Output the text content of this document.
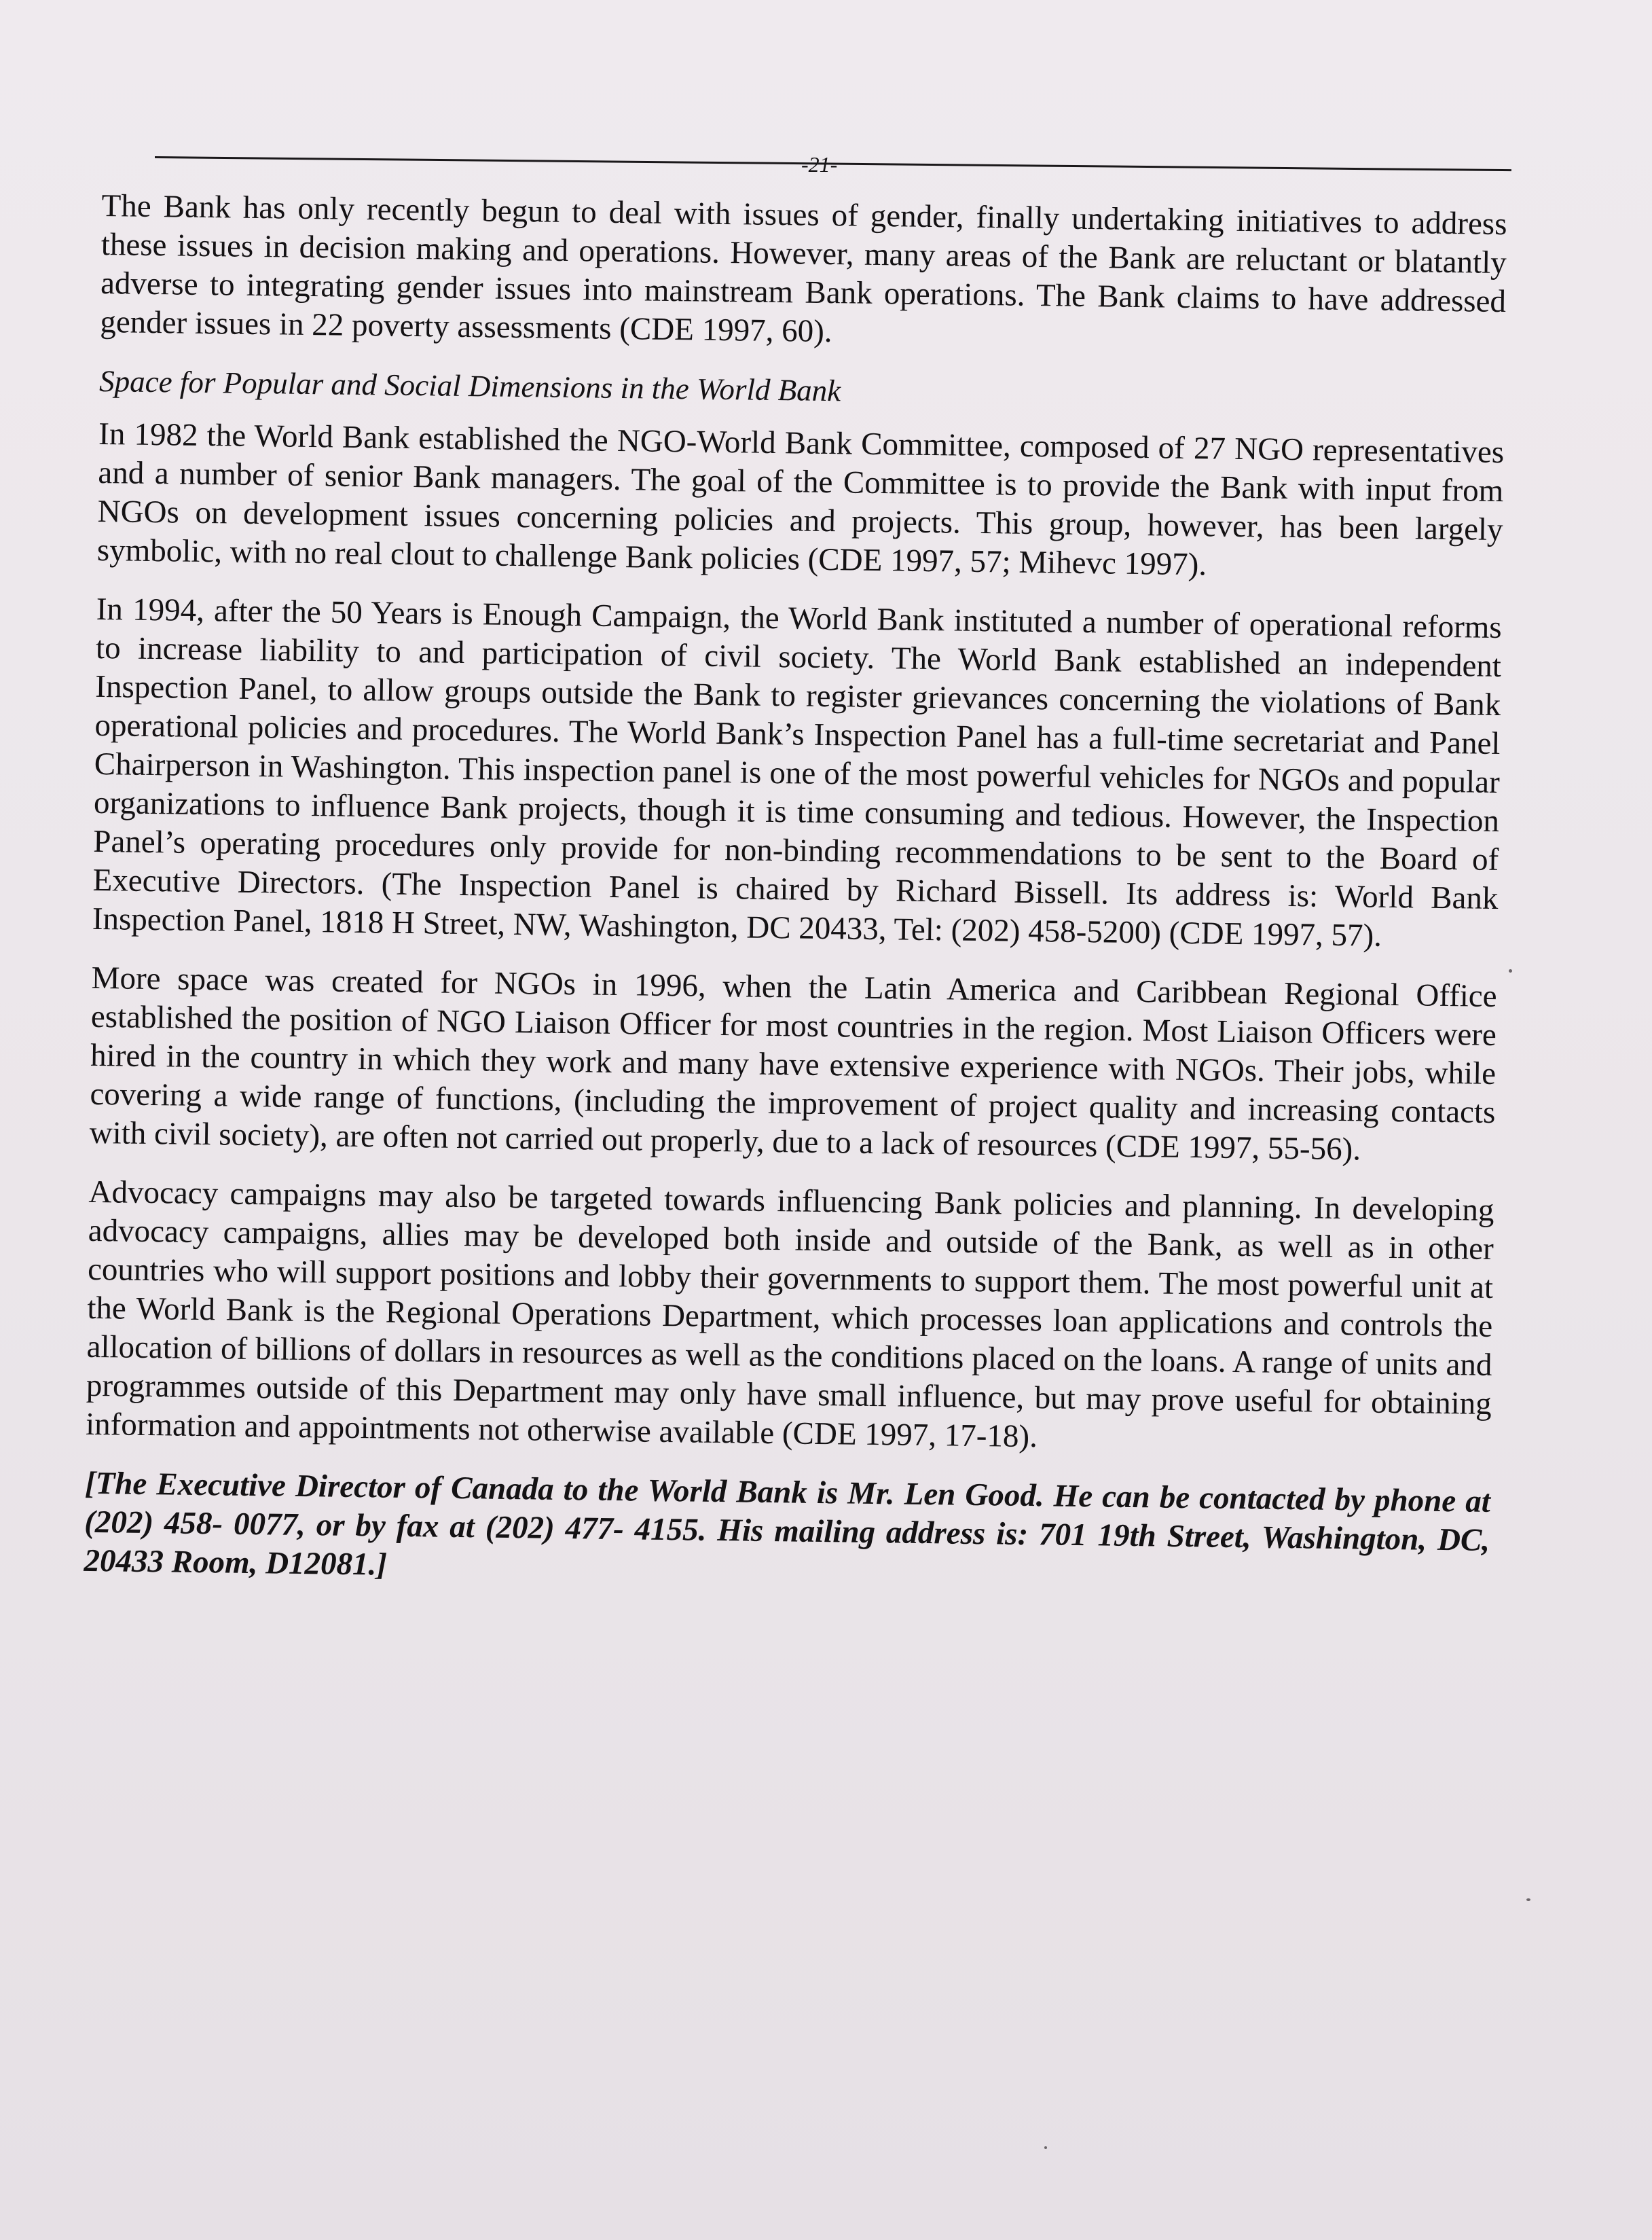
-21-

The Bank has only recently begun to deal with issues of gender, finally undertaking initiatives to address these issues in decision making and operations. However, many areas of the Bank are reluctant or blatantly adverse to integrating gender issues into mainstream Bank operations. The Bank claims to have addressed gender issues in 22 poverty assessments (CDE 1997, 60).

Space for Popular and Social Dimensions in the World Bank

In 1982 the World Bank established the NGO-World Bank Committee, composed of 27 NGO representatives and a number of senior Bank managers. The goal of the Committee is to provide the Bank with input from NGOs on development issues concerning policies and projects. This group, however, has been largely symbolic, with no real clout to challenge Bank policies (CDE 1997, 57; Mihevc 1997).

In 1994, after the 50 Years is Enough Campaign, the World Bank instituted a number of operational reforms to increase liability to and participation of civil society. The World Bank established an independent Inspection Panel, to allow groups outside the Bank to register grievances concerning the violations of Bank operational policies and procedures. The World Bank’s Inspection Panel has a full-time secretariat and Panel Chairperson in Washington. This inspection panel is one of the most powerful vehicles for NGOs and popular organizations to influence Bank projects, though it is time consuming and tedious. However, the Inspection Panel’s operating procedures only provide for non-binding recommendations to be sent to the Board of Executive Directors. (The Inspection Panel is chaired by Richard Bissell. Its address is: World Bank Inspection Panel, 1818 H Street, NW, Washington, DC 20433, Tel: (202) 458-5200) (CDE 1997, 57).

More space was created for NGOs in 1996, when the Latin America and Caribbean Regional Office established the position of NGO Liaison Officer for most countries in the region. Most Liaison Officers were hired in the country in which they work and many have extensive experience with NGOs. Their jobs, while covering a wide range of functions, (including the improvement of project quality and increasing contacts with civil society), are often not carried out properly, due to a lack of resources (CDE 1997, 55-56).

Advocacy campaigns may also be targeted towards influencing Bank policies and planning. In developing advocacy campaigns, allies may be developed both inside and outside of the Bank, as well as in other countries who will support positions and lobby their governments to support them. The most powerful unit at the World Bank is the Regional Operations Department, which processes loan applications and controls the allocation of billions of dollars in resources as well as the conditions placed on the loans. A range of units and programmes outside of this Department may only have small influence, but may prove useful for obtaining information and appointments not otherwise available (CDE 1997, 17-18).

[The Executive Director of Canada to the World Bank is Mr. Len Good. He can be contacted by phone at (202) 458- 0077, or by fax at (202) 477- 4155. His mailing address is: 701 19th Street, Washington, DC, 20433 Room, D12081.]
